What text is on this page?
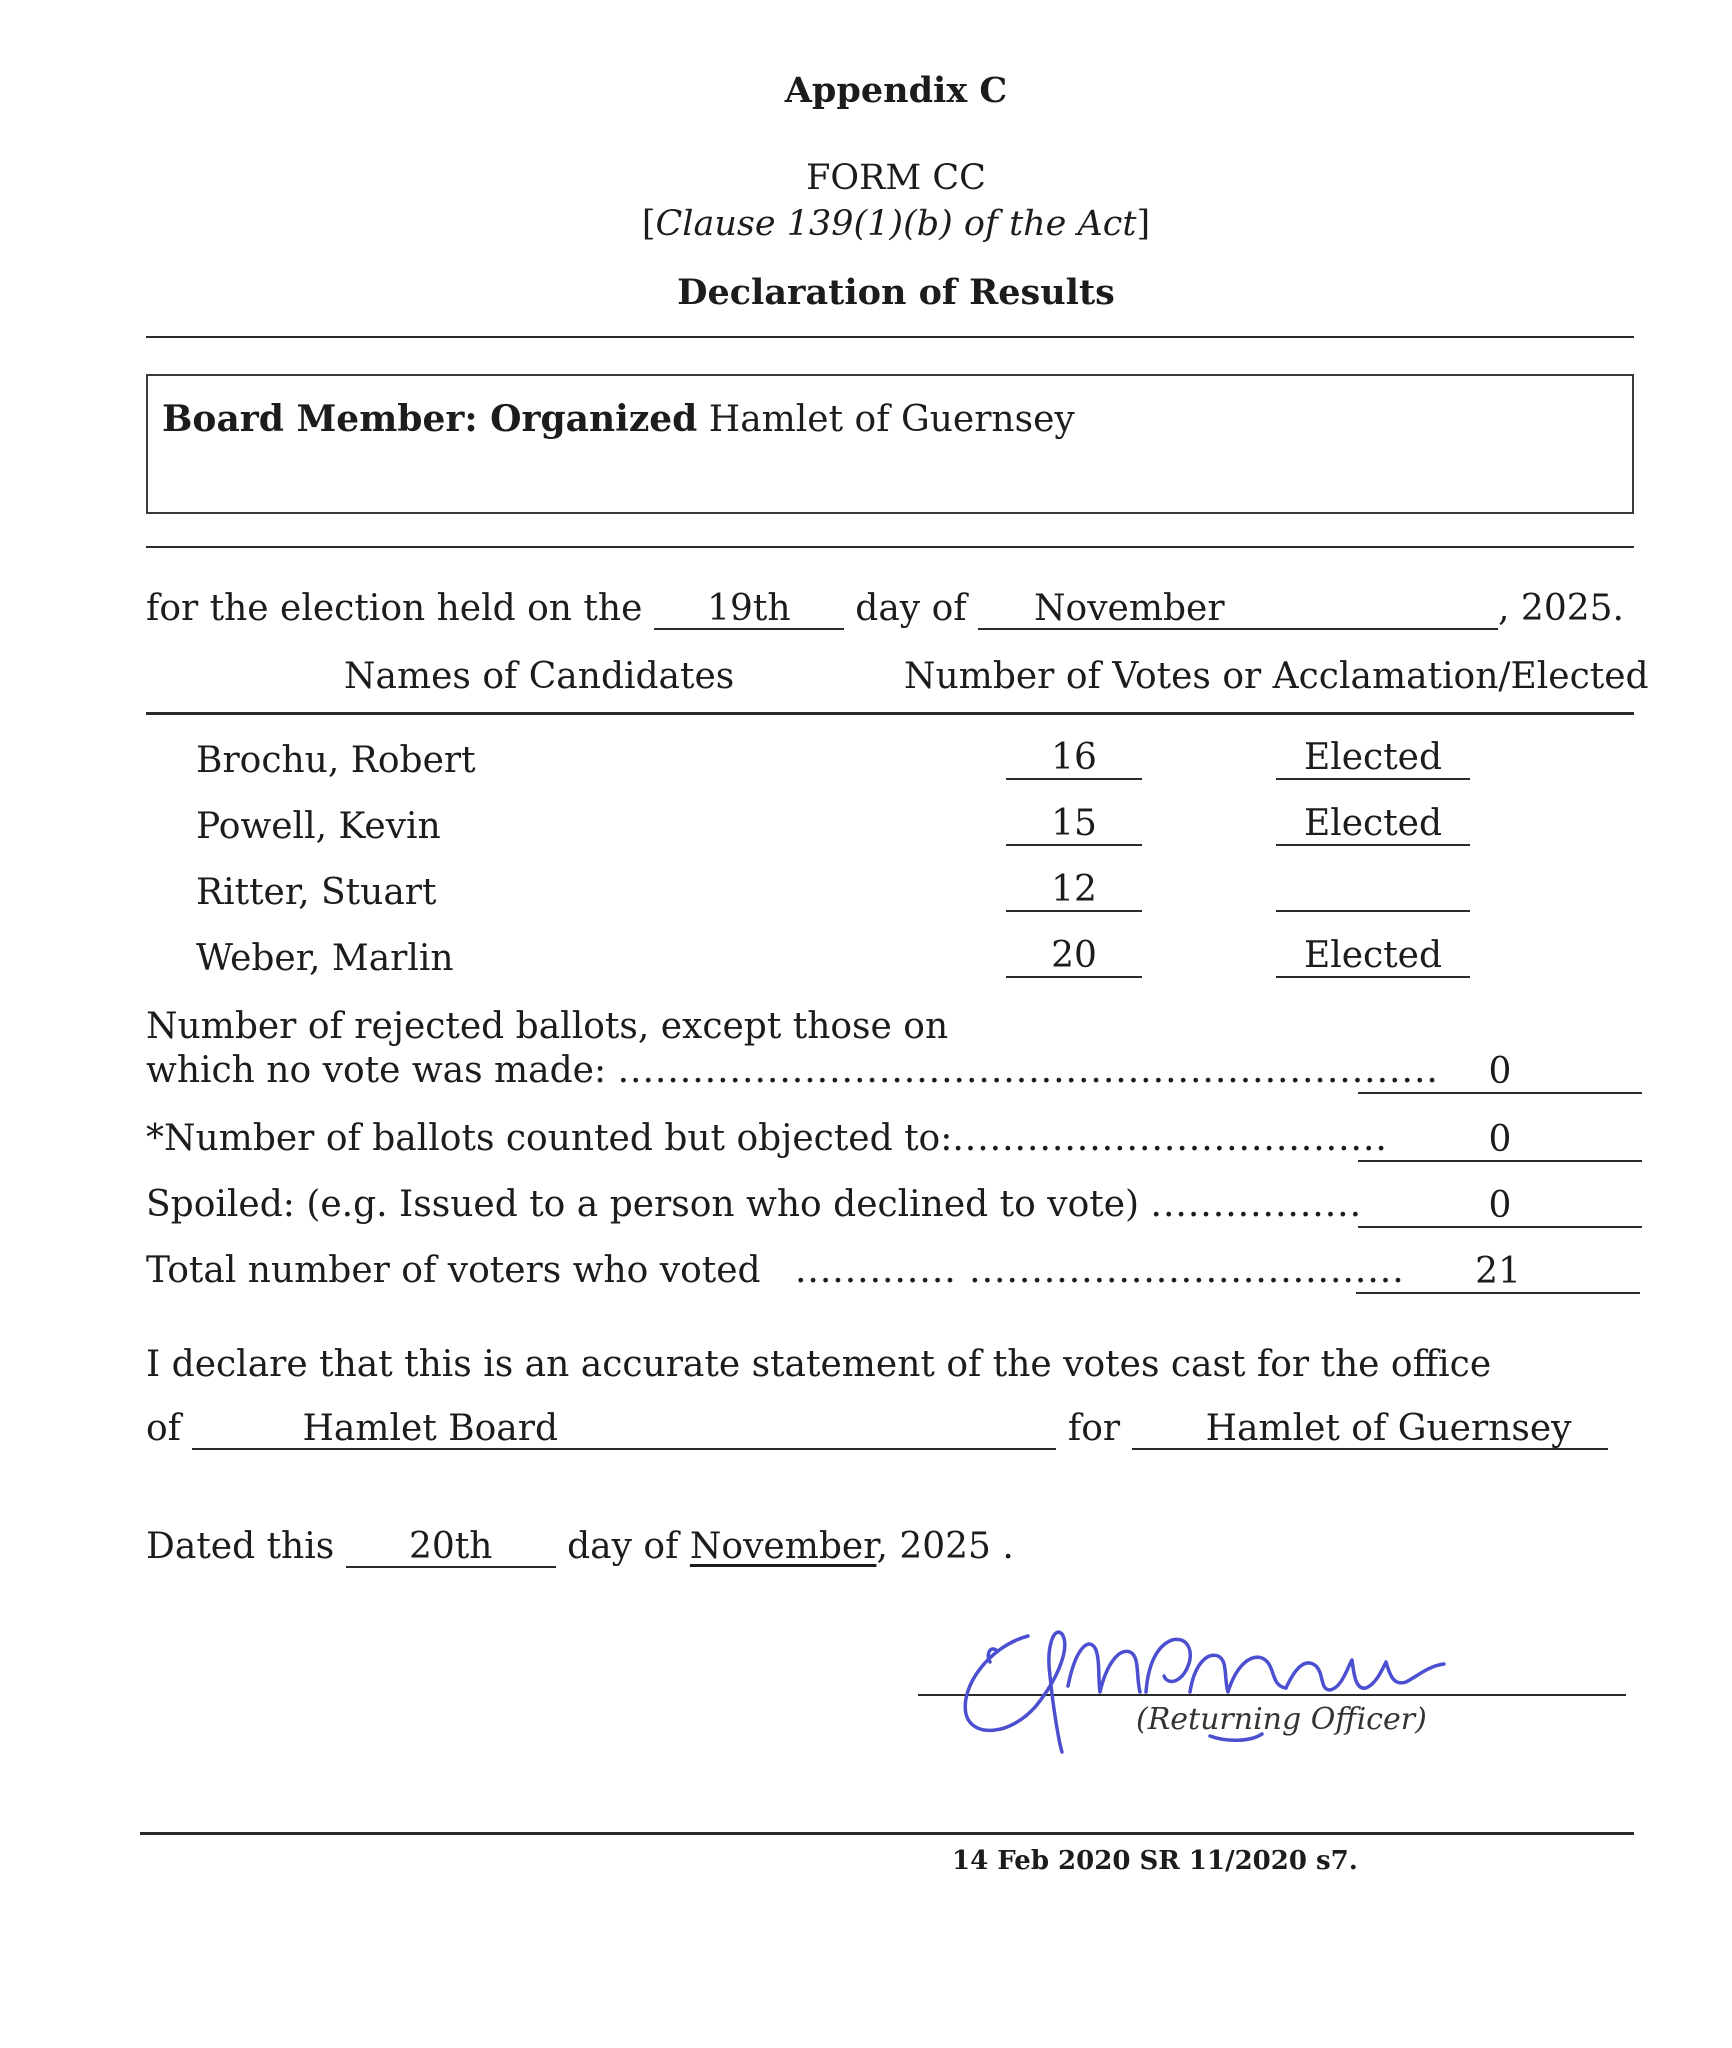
Appendix C
FORM CC
[Clause 139(1)(b) of the Act]
Declaration of Results
Board Member: Organized Hamlet of Guernsey
for the election held on the 19th day of November	, 2025.
Names of Candidates	Number of Votes or Acclamation/Elected
Brochu, Robert	16	Elected
Powell, Kevin	15	Elected
Ritter, Stuart	12
Weber, Marlin	20	Elected
Number of rejected ballots, except those on
which no vote was made: ..................................................................	0
*Number of ballots counted but objected to:...................................	0
Spoiled: (e.g. Issued to a person who declined to vote) .................	0
Total number of voters who voted ............. ...................................	21
I declare that this is an accurate statement of the votes cast for the office
of	Hamlet Board	for Hamlet of Guernsey
Dated this 20th day of November, 2025 .
(Returning Officer)
14 Feb 2020 SR 11/2020 s7.
